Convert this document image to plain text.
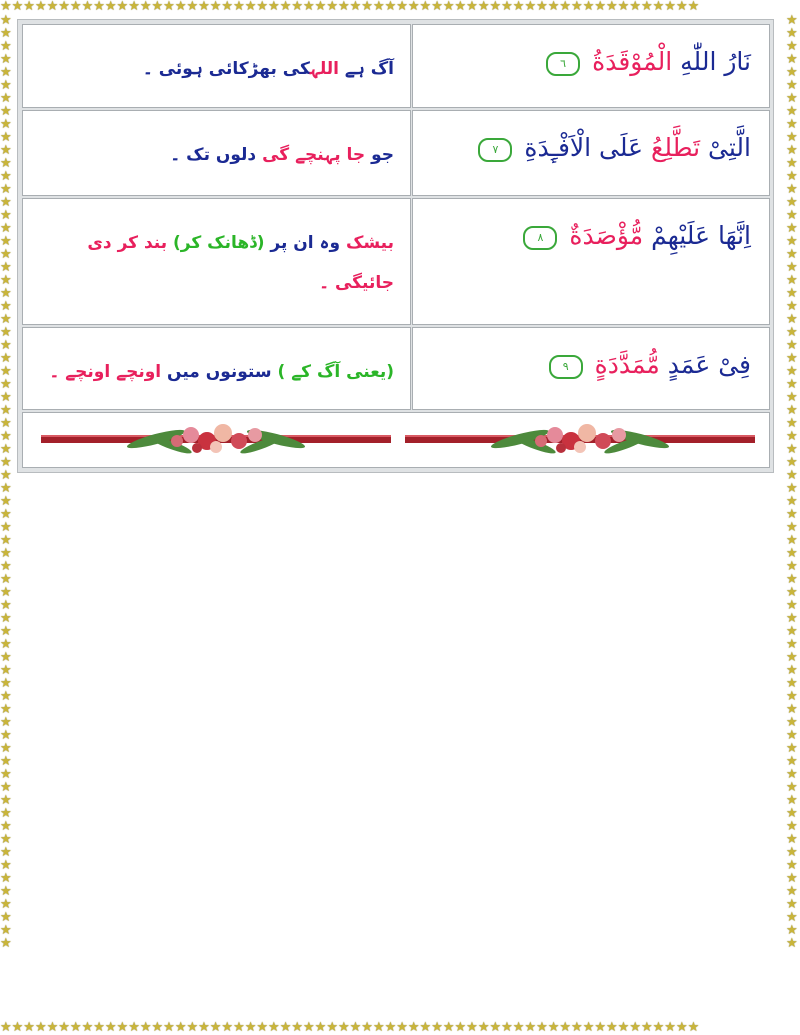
★★★★★★★★★★★★★★★★★★★★★★★★★★★★★★★★★★★★★★★★★★★★★★★★★★★★★★★★★★★★
★★★★★★★★★★★★★★★★★★★★★★★★★★★★★★★★★★★★★★★★★★★★★★★★★★★★★★★★★★★★
★★★★★★★★★★★★★★★★★★★★★★★★★★★★★★★★★★★★★★★★★★★★★★★★★★★★★★★★★★★★★★★★★★★★★★★★
★★★★★★★★★★★★★★★★★★★★★★★★★★★★★★★★★★★★★★★★★★★★★★★★★★★★★★★★★★★★★★★★★★★★★★★★
نَارُ اللّٰهِ الْمُوْقَدَةُ ٦
آگ ہے اللہکی بھڑکائی ہوئی ۔
الَّتِیْ تَطَّلِعُ عَلَى الْاَفْـِٕدَةِ ٧
جو جا پہنچے گی دلوں تک ۔
اِنَّهَا عَلَيْهِمْ مُّؤْصَدَةٌ ٨
بیشک وہ ان پر (ڈھانک کر) بند کر دی جائیگی ۔
فِیْ عَمَدٍ مُّمَدَّدَةٍ ٩
(یعنی آگ کے ) ستونوں میں اونچے اونچے ۔
